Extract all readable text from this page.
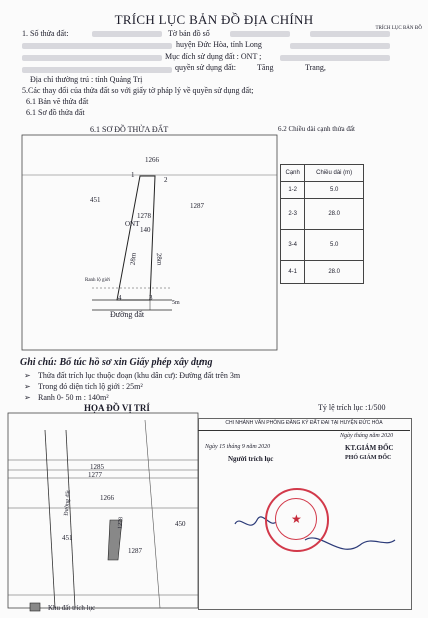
TRÍCH LỤC BẢN ĐỒ ĐỊA CHÍNH
TRÍCH LỤC BẢN ĐỒ
1. Số thửa đất:	Tờ bản đồ số
huyện Đức Hòa, tỉnh Long
Mục đích sử dụng đất : ONT ;
quyền sử dụng đất:	Tăng	Trang,
Địa chỉ thường trú : tỉnh Quảng Trị
5.Các thay đổi của thửa đất so với giấy tờ pháp lý về quyền sử dụng đất;
6.1 Bản vẽ thửa đất
6.1 Sơ đồ thửa đất
6.1 SƠ ĐỒ THỬA ĐẤT	6.2 Chiều dài cạnh thửa đất
1266
451
1287
1278
ONT
140
28m 28m
1
2
3
4
5m
Ranh lộ giới
Đường đất
Cạnh	Chiều dài (m)
1-2	5.0
2-3	28.0
3-4	5.0
4-1	28.0
Ghi chú: Bổ túc hồ sơ xin Giấy phép xây dựng
➢ Thửa đất trích lục thuộc đoạn (khu dân cư): Đường đất trên 3m
➢ Trong đó diện tích lộ giới : 25m²
➢ Ranh 0- 50 m : 140m²
HỌA ĐỒ VỊ TRÍ	Tỷ lệ trích lục :1/500
1285
1277
1266
451
1278
1287
450
Đường đất
Khu đất trích lục
CHI NHÁNH VĂN PHÒNG ĐĂNG KÝ ĐẤT ĐAI TẠI HUYỆN ĐỨC HÒA
Ngày 15 tháng 9 năm 2020
Người trích lục
Ngày tháng năm 2020
KT.GIÁM ĐỐC
PHÓ GIÁM ĐỐC
★
